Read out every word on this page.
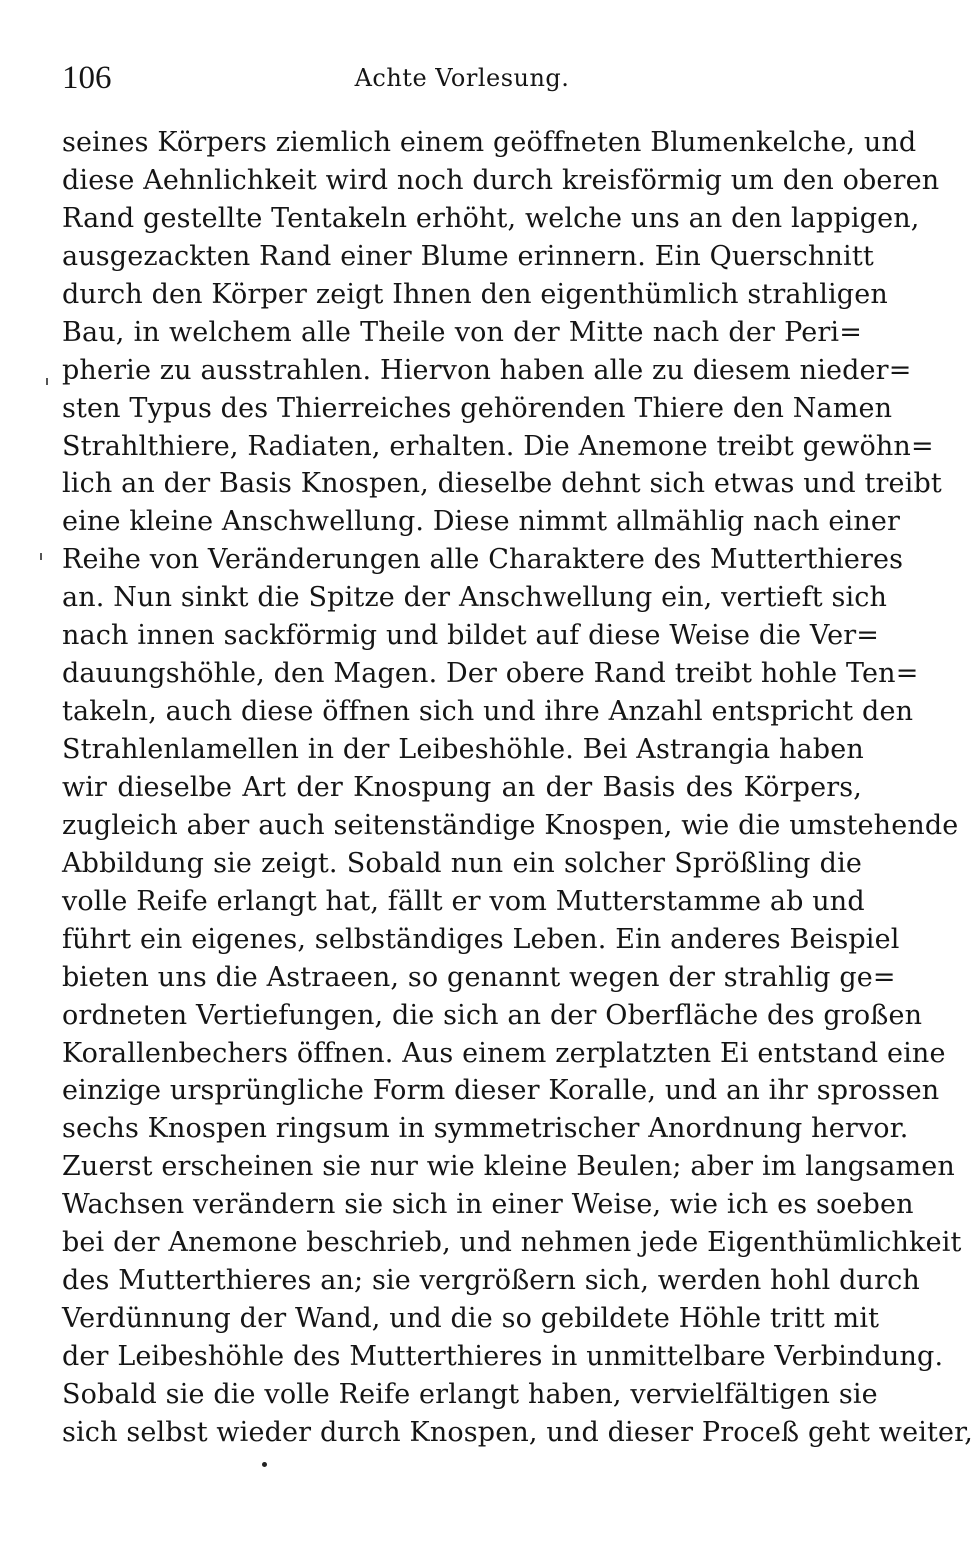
106	Achte Vorlesung.
seines Körpers ziemlich einem geöffneten Blumenkelche, und
diese Aehnlichkeit wird noch durch kreisförmig um den oberen
Rand gestellte Tentakeln erhöht, welche uns an den lappigen,
ausgezackten Rand einer Blume erinnern. Ein Querschnitt
durch den Körper zeigt Ihnen den eigenthümlich strahligen
Bau, in welchem alle Theile von der Mitte nach der Peri=
pherie zu ausstrahlen. Hiervon haben alle zu diesem nieder=
sten Typus des Thierreiches gehörenden Thiere den Namen
Strahlthiere, Radiaten, erhalten. Die Anemone treibt gewöhn=
lich an der Basis Knospen, dieselbe dehnt sich etwas und treibt
eine kleine Anschwellung. Diese nimmt allmählig nach einer
Reihe von Veränderungen alle Charaktere des Mutterthieres
an. Nun sinkt die Spitze der Anschwellung ein, vertieft sich
nach innen sackförmig und bildet auf diese Weise die Ver=
dauungshöhle, den Magen. Der obere Rand treibt hohle Ten=
takeln, auch diese öffnen sich und ihre Anzahl entspricht den
Strahlenlamellen in der Leibeshöhle. Bei Astrangia haben
wir dieselbe Art der Knospung an der Basis des Körpers,
zugleich aber auch seitenständige Knospen, wie die umstehende
Abbildung sie zeigt. Sobald nun ein solcher Sprößling die
volle Reife erlangt hat, fällt er vom Mutterstamme ab und
führt ein eigenes, selbständiges Leben. Ein anderes Beispiel
bieten uns die Astraeen, so genannt wegen der strahlig ge=
ordneten Vertiefungen, die sich an der Oberfläche des großen
Korallenbechers öffnen. Aus einem zerplatzten Ei entstand eine
einzige ursprüngliche Form dieser Koralle, und an ihr sprossen
sechs Knospen ringsum in symmetrischer Anordnung hervor.
Zuerst erscheinen sie nur wie kleine Beulen; aber im langsamen
Wachsen verändern sie sich in einer Weise, wie ich es soeben
bei der Anemone beschrieb, und nehmen jede Eigenthümlichkeit
des Mutterthieres an; sie vergrößern sich, werden hohl durch
Verdünnung der Wand, und die so gebildete Höhle tritt mit
der Leibeshöhle des Mutterthieres in unmittelbare Verbindung.
Sobald sie die volle Reife erlangt haben, vervielfältigen sie
sich selbst wieder durch Knospen, und dieser Proceß geht weiter,
